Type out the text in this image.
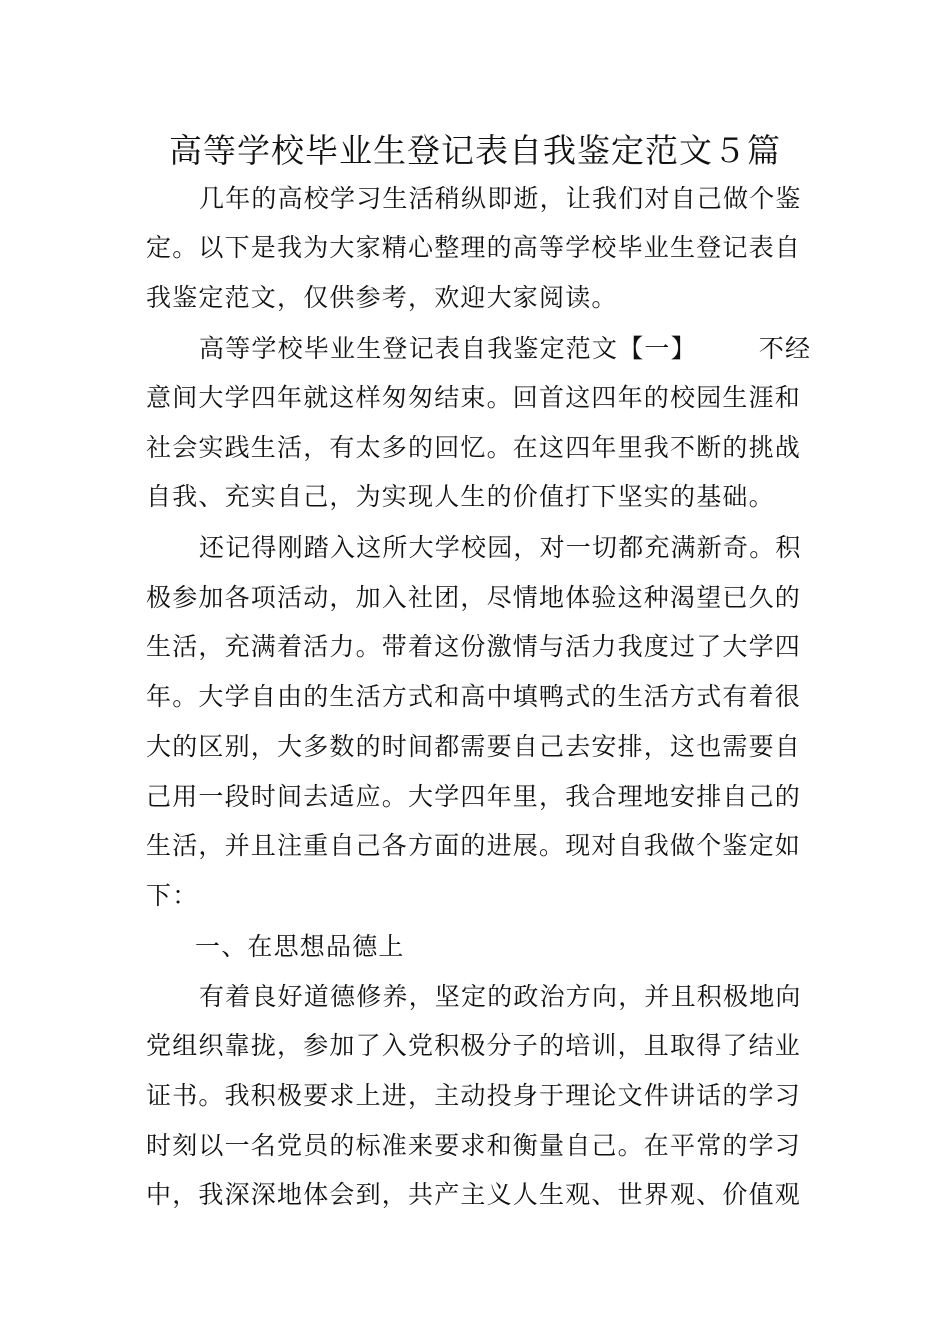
高等学校毕业生登记表自我鉴定范文５篇
几年的高校学习生活稍纵即逝，让我们对自己做个鉴
定。以下是我为大家精心整理的高等学校毕业生登记表自
我鉴定范文，仅供参考，欢迎大家阅读。
高等学校毕业生登记表自我鉴定范文【一】 不经
意间大学四年就这样匆匆结束。回首这四年的校园生涯和
社会实践生活，有太多的回忆。在这四年里我不断的挑战
自我、充实自己，为实现人生的价值打下坚实的基础。
还记得刚踏入这所大学校园，对一切都充满新奇。积
极参加各项活动，加入社团，尽情地体验这种渴望已久的
生活，充满着活力。带着这份激情与活力我度过了大学四
年。大学自由的生活方式和高中填鸭式的生活方式有着很
大的区别，大多数的时间都需要自己去安排，这也需要自
己用一段时间去适应。大学四年里，我合理地安排自己的
生活，并且注重自己各方面的进展。现对自我做个鉴定如
下：
一、在思想品德上
有着良好道德修养，坚定的政治方向，并且积极地向
党组织靠拢，参加了入党积极分子的培训，且取得了结业
证书。我积极要求上进，主动投身于理论文件讲话的学习
时刻以一名党员的标准来要求和衡量自己。在平常的学习
中，我深深地体会到，共产主义人生观、世界观、价值观
